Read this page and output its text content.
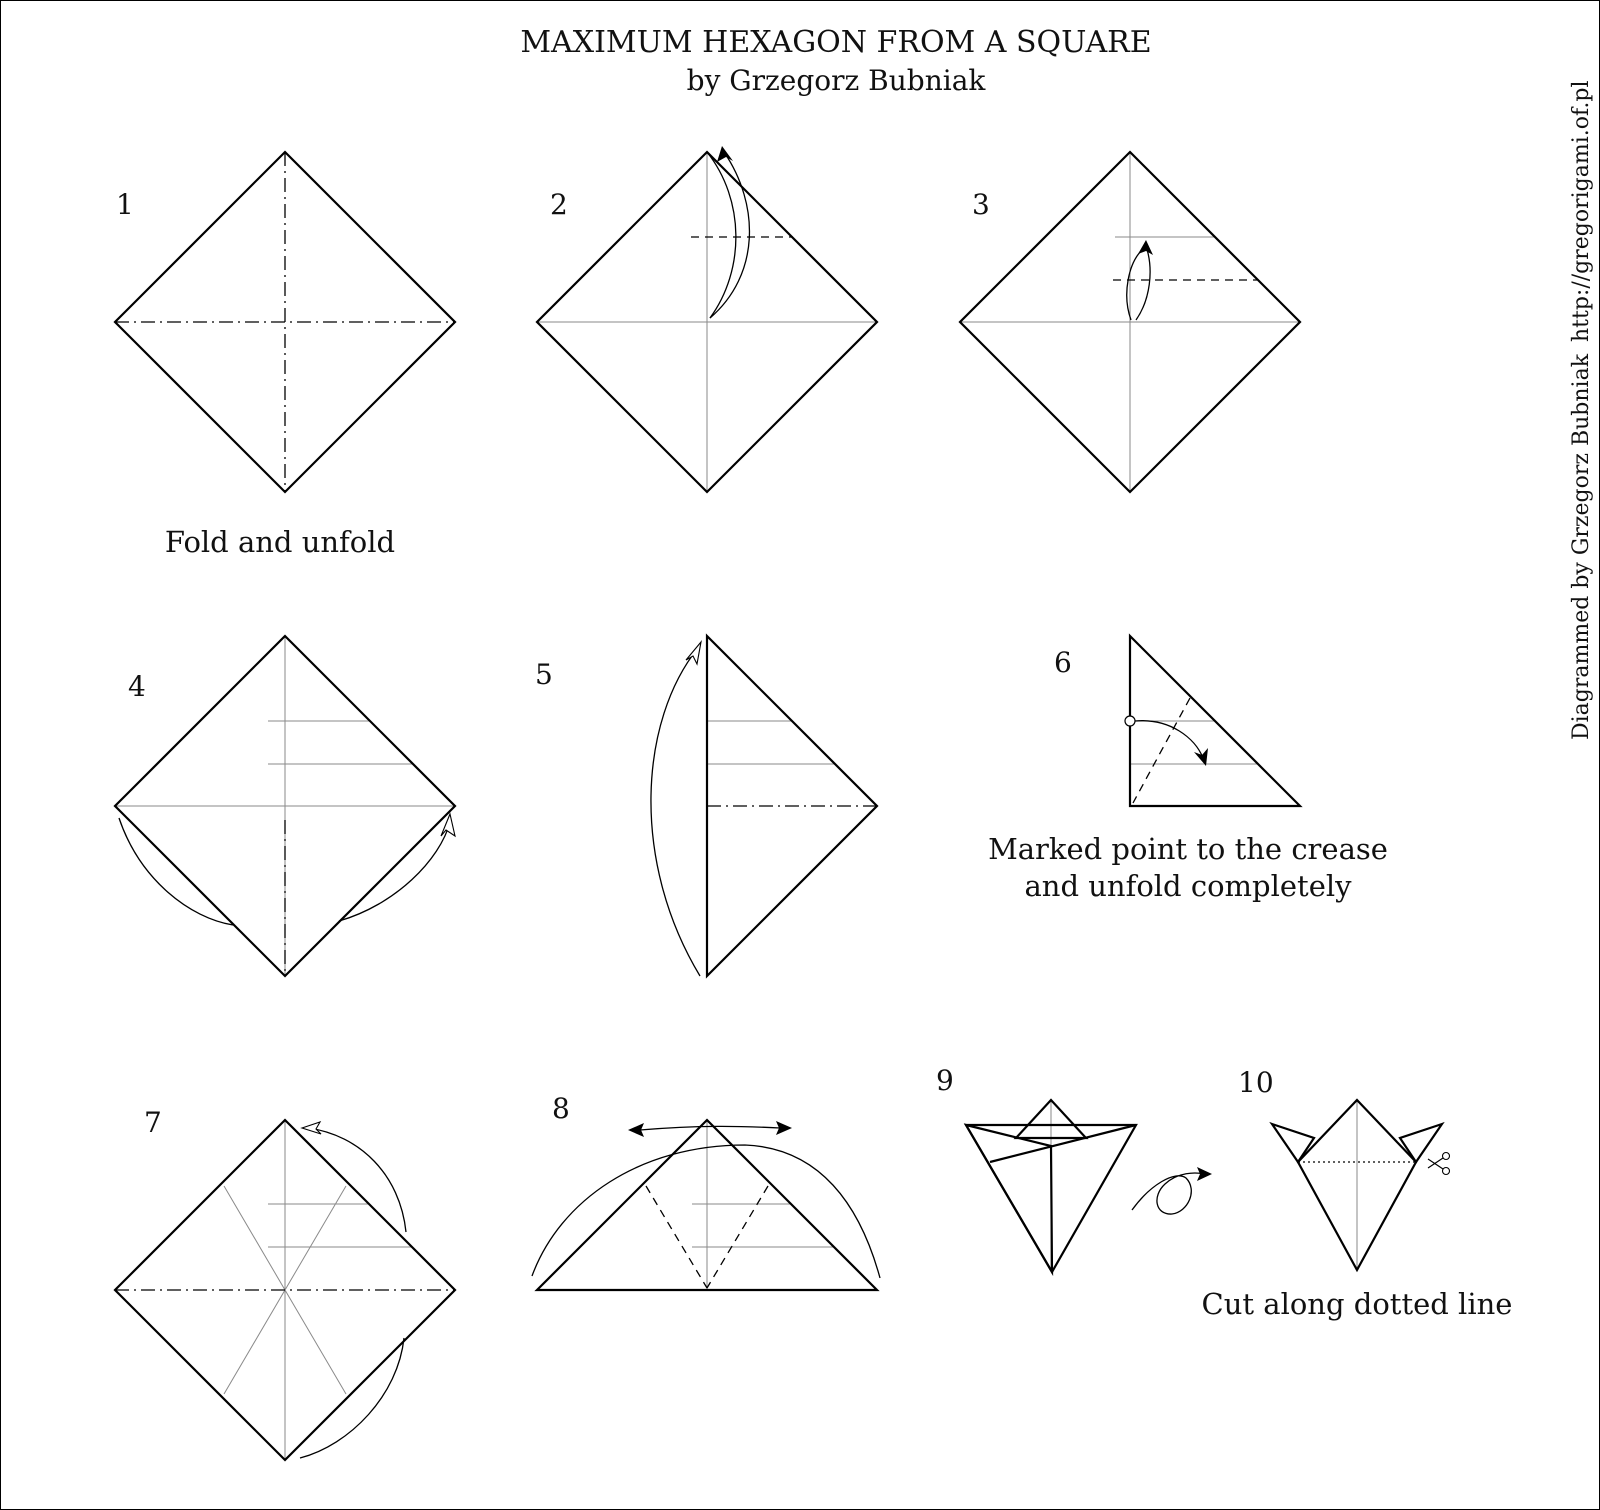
MAXIMUM HEXAGON FROM A SQUARE
by Grzegorz Bubniak
http://gregorigami.of.pl
Diagrammed by Grzegorz Bubniak
1
Fold and unfold
2	3
4	5	6
Marked point to the crease
and unfold completely
7	8
9	10
Cut along dotted line
